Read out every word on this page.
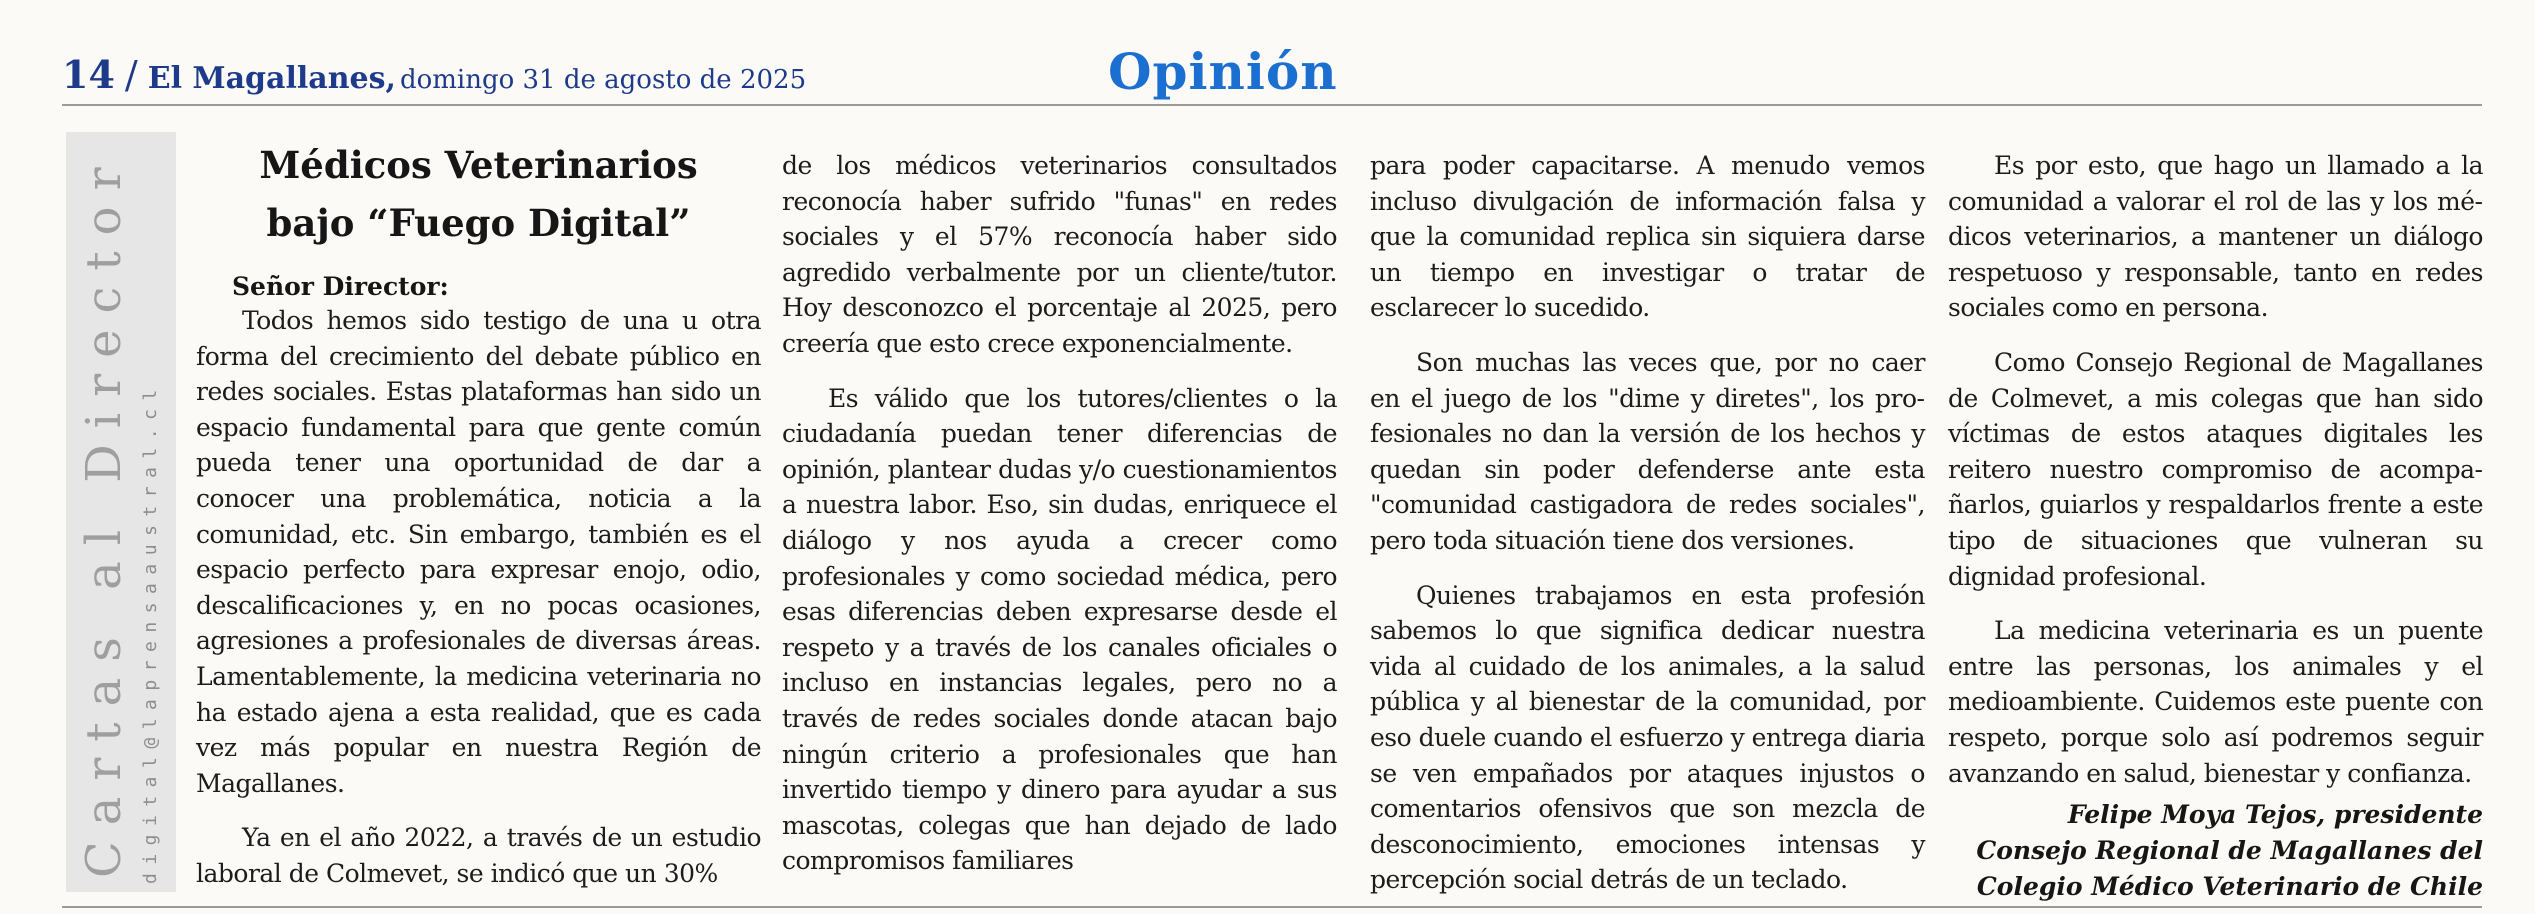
14 / El Magallanes, domingo 31 de agosto de 2025	Opinión
Cartas al Director digital@laprensaaustral.cl
Médicos Veterinarios
bajo “Fuego Digital”
Señor Director:

Todos hemos sido testigo de una u otra forma del crecimiento del debate público en redes sociales. Estas plataformas han sido un espacio fundamental para que gente común pueda tener una oportunidad de dar a conocer una problemática, noticia a la comunidad, etc. Sin embargo, también es el espacio perfecto para expresar enojo, odio, descalificaciones y, en no pocas ocasiones, agresiones a profesionales de diversas áreas. Lamentablemente, la medicina veterinaria no ha estado ajena a esta realidad, que es cada vez más popular en nuestra Región de Magallanes.

Ya en el año 2022, a través de un estudio laboral de Colmevet, se indicó que un 30%

de los médicos veterinarios consultados reconocía haber sufrido "funas" en redes sociales y el 57% reconocía haber sido agredido verbalmente por un cliente/tutor. Hoy desconozco el porcentaje al 2025, pero creería que esto crece exponencialmente.

Es válido que los tutores/clientes o la ciudadanía puedan tener diferencias de opinión, plantear dudas y/o cuestionamientos a nuestra labor. Eso, sin dudas, enriquece el diálogo y nos ayuda a crecer como profesionales y como sociedad médica, pero esas diferencias deben expresarse desde el respeto y a través de los canales oficiales o incluso en instancias legales, pero no a través de redes sociales donde atacan bajo ningún criterio a profesionales que han invertido tiempo y dinero para ayudar a sus mascotas, colegas que han dejado de lado compromisos familiares

para poder capacitarse. A menudo vemos incluso divulgación de información falsa y que la comunidad replica sin siquiera darse un tiempo en investigar o tratar de esclarecer lo sucedido.

Son muchas las veces que, por no caer en el juego de los "dime y diretes", los profesionales no dan la versión de los hechos y quedan sin poder defenderse ante esta "comunidad castigadora de redes sociales", pero toda situación tiene dos versiones.

Quienes trabajamos en esta profesión sabemos lo que significa dedicar nuestra vida al cuidado de los animales, a la salud pública y al bienestar de la comunidad, por eso duele cuando el esfuerzo y entrega diaria se ven empañados por ataques injustos o comentarios ofensivos que son mezcla de desconocimiento, emociones intensas y percepción social detrás de un teclado.

Es por esto, que hago un llamado a la comunidad a valorar el rol de las y los médicos veterinarios, a mantener un diálogo respetuoso y responsable, tanto en redes sociales como en persona.

Como Consejo Regional de Magallanes de Colmevet, a mis colegas que han sido víctimas de estos ataques digitales les reitero nuestro compromiso de acompañarlos, guiarlos y respaldarlos frente a este tipo de situaciones que vulneran su dignidad profesional.

La medicina veterinaria es un puente entre las personas, los animales y el medioambiente. Cuidemos este puente con respeto, porque solo así podremos seguir avanzando en salud, bienestar y confianza.

Felipe Moya Tejos, presidente
Consejo Regional de Magallanes del
Colegio Médico Veterinario de Chile
